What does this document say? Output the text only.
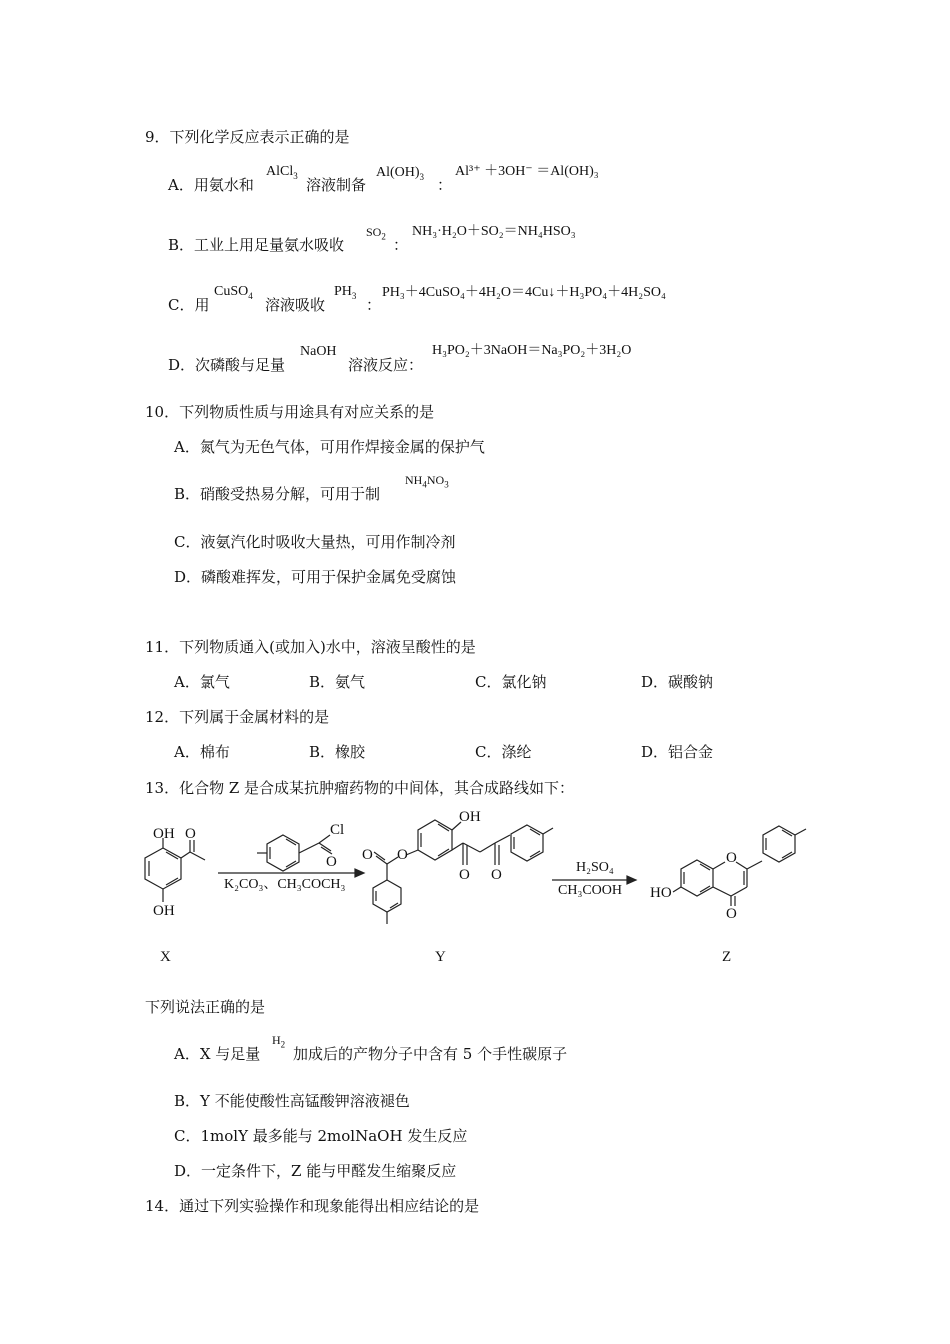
9．下列化学反应表示正确的是
A．用氨水和
AlCl$_3$
溶液制备
$Al(OH)_3$ ：
Al³⁺ ＋3OH⁻ ＝Al(OH)₃
B．工业上用足量氨水吸收
$SO_2$ ：
NH₃·H₂O＋SO₂＝NH₄HSO₃
C．用
CuSO$_4$
溶液吸收
$PH_3$
：
PH₃＋4CuSO₄＋4H₂O＝4Cu↓＋H₃PO₄＋4H₂SO₄
D．次磷酸与足量
NaOH
溶液反应：
H₃PO₂＋3NaOH＝Na₃PO₂＋3H₂O
10．下列物质性质与用途具有对应关系的是
A．氮气为无色气体，可用作焊接金属的保护气
B．硝酸受热易分解，可用于制
$NH_4NO_3$
C．液氨汽化时吸收大量热，可用作制冷剂
D．磷酸难挥发，可用于保护金属免受腐蚀
11．下列物质通入(或加入)水中，溶液呈酸性的是
A．氯气	B．氨气	C．氯化钠	D．碳酸钠
12．下列属于金属材料的是
A．棉布	B．橡胶	C．涤纶	D．铝合金
13．化合物 Z 是合成某抗肿瘤药物的中间体，其合成路线如下：
OH O
OH
Cl
O
K₂CO₃、CH₃COCH₃
OH
O
O
O O	H₂SO₄
CH₃COOH
O
O
HO
X	Y	Z
下列说法正确的是
A．X 与足量
$H_2$
加成后的产物分子中含有 5 个手性碳原子
B．Y 不能使酸性高锰酸钾溶液褪色
C．1molY 最多能与 2molNaOH 发生反应
D．一定条件下，Z 能与甲醛发生缩聚反应
14．通过下列实验操作和现象能得出相应结论的是
